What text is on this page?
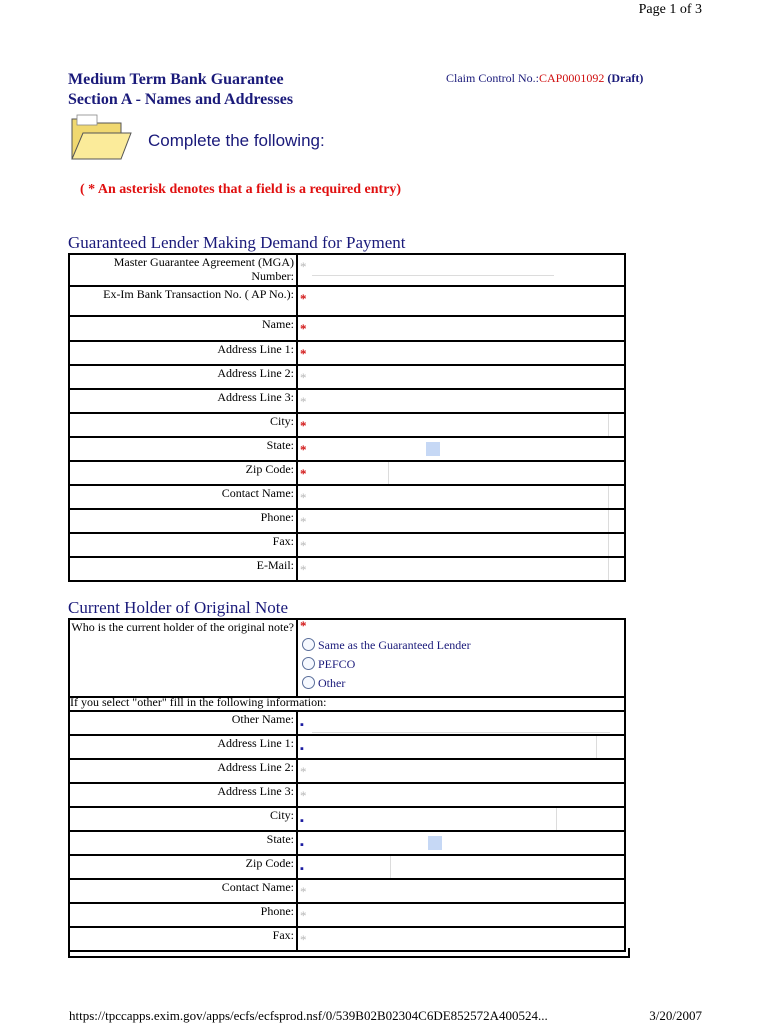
Page 1 of 3
Medium Term Bank Guarantee
Section A - Names and Addresses
Claim Control No.:CAP0001092 (Draft)
Complete the following:
( * An asterisk denotes that a field is a required entry)
Guaranteed Lender Making Demand for Payment
Master Guarantee Agreement (MGA) Number:	*

Ex-Im Bank Transaction No. ( AP No.):	*

Name:	*

Address Line 1:	*

Address Line 2:	*

Address Line 3:	*

City:	*

State:	*

Zip Code:	*

Contact Name:	*

Phone:	*

Fax:	*

E-Mail:	*
Current Holder of Original Note
Who is the current holder of the original note?	*
Same as the Guaranteed Lender
PEFCO
Other

If you select "other" fill in the following information:	

Other Name:	▪

Address Line 1:	▪

Address Line 2:	*

Address Line 3:	*

City:	▪

State:	▪

Zip Code:	▪

Contact Name:	*

Phone:	*

Fax:	*
https://tpccapps.exim.gov/apps/ecfs/ecfsprod.nsf/0/539B02B02304C6DE852572A400524...	3/20/2007
